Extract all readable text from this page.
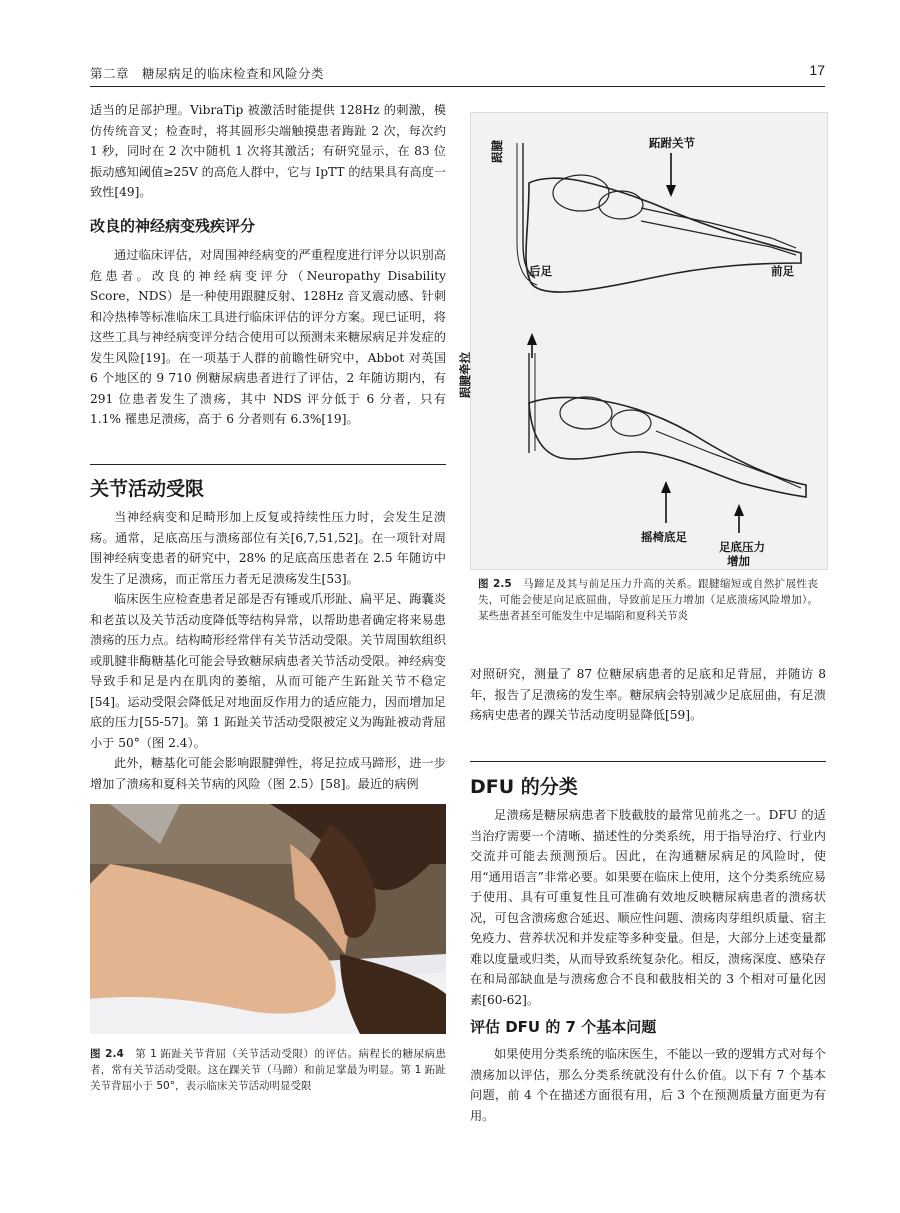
第二章　糖尿病足的临床检查和风险分类	17

适当的足部护理。VibraTip 被激活时能提供 128Hz 的刺激，模仿传统音叉；检查时，将其圆形尖端触摸患者踇趾 2 次，每次约 1 秒，同时在 2 次中随机 1 次将其激活；有研究显示，在 83 位振动感知阈值≥25V 的高危人群中，它与 IpTT 的结果具有高度一致性[49]。

改良的神经病变残疾评分

通过临床评估，对周围神经病变的严重程度进行评分以识别高危患者。改良的神经病变评分（Neuropathy Disability Score，NDS）是一种使用跟腱反射、128Hz 音叉震动感、针刺和冷热棒等标准临床工具进行临床评估的评分方案。现已证明，将这些工具与神经病变评分结合使用可以预测未来糖尿病足并发症的发生风险[19]。在一项基于人群的前瞻性研究中，Abbot 对英国 6 个地区的 9 710 例糖尿病患者进行了评估，2 年随访期内，有 291 位患者发生了溃疡，其中 NDS 评分低于 6 分者，只有 1.1% 罹患足溃疡，高于 6 分者则有 6.3%[19]。

关节活动受限

当神经病变和足畸形加上反复或持续性压力时，会发生足溃疡。通常，足底高压与溃疡部位有关[6,7,51,52]。在一项针对周围神经病变患者的研究中，28% 的足底高压患者在 2.5 年随访中发生了足溃疡，而正常压力者无足溃疡发生[53]。

临床医生应检查患者足部是否有锤或爪形趾、扁平足、踇囊炎和老茧以及关节活动度降低等结构异常，以帮助患者确定将来易患溃疡的压力点。结构畸形经常伴有关节活动受限。关节周围软组织或肌腱非酶糖基化可能会导致糖尿病患者关节活动受限。神经病变导致手和足是内在肌肉的萎缩，从而可能产生跖趾关节不稳定[54]。运动受限会降低足对地面反作用力的适应能力，因而增加足底的压力[55-57]。第 1 跖趾关节活动受限被定义为踇趾被动背屈小于 50°（图 2.4）。

此外，糖基化可能会影响跟腱弹性，将足拉成马蹄形，进一步增加了溃疡和夏科关节病的风险（图 2.5）[58]。最近的病例

图 2.4　 第 1 跖趾关节背屈（关节活动受限）的评估。病程长的糖尿病患者，常有关节活动受限。这在踝关节（马蹄）和前足掌最为明显。第 1 跖趾关节背屈小于 50°，表示临床关节活动明显受限

跟腱	跖跗关节
后足	前足
跟腱牵拉
摇椅底足
足底压力
增加

图 2.5　 马蹄足及其与前足压力升高的关系。跟腱缩短或自然扩展性丧失，可能会使足向足底屈曲，导致前足压力增加（足底溃疡风险增加）。某些患者甚至可能发生中足塌陷和夏科关节炎

对照研究，测量了 87 位糖尿病患者的足底和足背屈，并随访 8 年，报告了足溃疡的发生率。糖尿病会特别减少足底屈曲，有足溃疡病史患者的踝关节活动度明显降低[59]。

DFU 的分类

足溃疡是糖尿病患者下肢截肢的最常见前兆之一。DFU 的适当治疗需要一个清晰、描述性的分类系统，用于指导治疗、行业内交流并可能去预测预后。因此，在沟通糖尿病足的风险时，使用“通用语言”非常必要。如果要在临床上使用，这个分类系统应易于使用、具有可重复性且可准确有效地反映糖尿病患者的溃疡状况，可包含溃疡愈合延迟、顺应性问题、溃疡肉芽组织质量、宿主免疫力、营养状况和并发症等多种变量。但是，大部分上述变量都难以度量或归类，从而导致系统复杂化。相反，溃疡深度、感染存在和局部缺血是与溃疡愈合不良和截肢相关的 3 个相对可量化因素[60-62]。

评估 DFU 的 7 个基本问题

如果使用分类系统的临床医生，不能以一致的逻辑方式对每个溃疡加以评估，那么分类系统就没有什么价值。以下有 7 个基本问题，前 4 个在描述方面很有用，后 3 个在预测质量方面更为有用。
